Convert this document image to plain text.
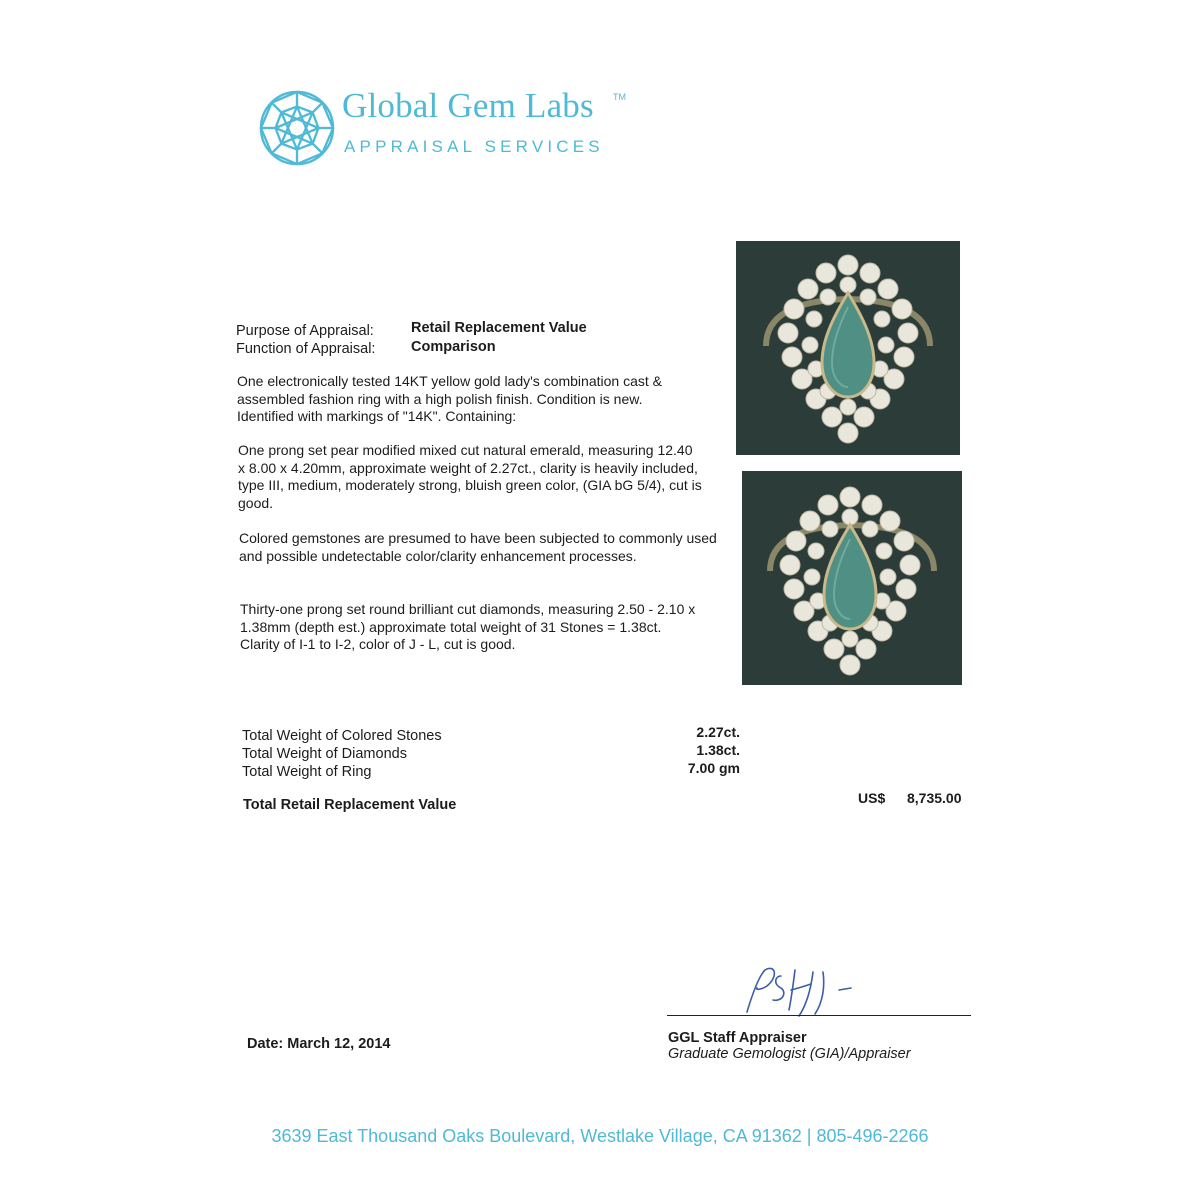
Global Gem Labs TM
APPRAISAL SERVICES
Purpose of Appraisal:	Retail Replacement Value
Function of Appraisal: Comparison
One electronically tested 14KT yellow gold lady's combination cast & assembled fashion ring with a high polish finish. Condition is new. Identified with markings of "14K". Containing:
One prong set pear modified mixed cut natural emerald, measuring 12.40 x 8.00 x 4.20mm, approximate weight of 2.27ct., clarity is heavily included, type III, medium, moderately strong, bluish green color, (GIA bG 5/4), cut is good.
Colored gemstones are presumed to have been subjected to commonly used and possible undetectable color/clarity enhancement processes.
Thirty-one prong set round brilliant cut diamonds, measuring 2.50 - 2.10 x 1.38mm (depth est.) approximate total weight of 31 Stones = 1.38ct. Clarity of I-1 to I-2, color of J - L, cut is good.
Total Weight of Colored Stones	2.27ct.
Total Weight of Diamonds	1.38ct.
Total Weight of Ring	7.00 gm
Total Retail Replacement Value	US$ 8,735.00
Date: March 12, 2014	GGL Staff Appraiser
Graduate Gemologist (GIA)/Appraiser
3639 East Thousand Oaks Boulevard, Westlake Village, CA 91362 | 805-496-2266
